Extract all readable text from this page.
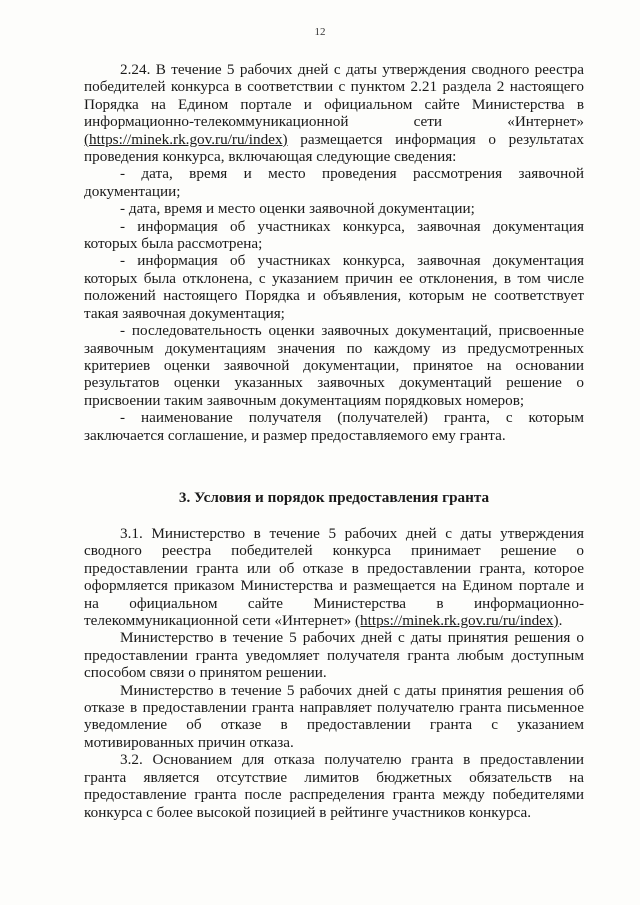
12

2.24. В течение 5 рабочих дней с даты утверждения сводного реестра победителей конкурса в соответствии с пунктом 2.21 раздела 2 настоящего Порядка на Едином портале и официальном сайте Министерства в информационно-телекоммуникационной сети «Интернет» (https://minek.rk.gov.ru/ru/index) размещается информация о результатах проведения конкурса, включающая следующие сведения:

- дата, время и место проведения рассмотрения заявочной документации;

- дата, время и место оценки заявочной документации;

- информация об участниках конкурса, заявочная документация которых была рассмотрена;

- информация об участниках конкурса, заявочная документация которых была отклонена, с указанием причин ее отклонения, в том числе положений настоящего Порядка и объявления, которым не соответствует такая заявочная документация;

- последовательность оценки заявочных документаций, присвоенные заявочным документациям значения по каждому из предусмотренных критериев оценки заявочной документации, принятое на основании результатов оценки указанных заявочных документаций решение о присвоении таким заявочным документациям порядковых номеров;

- наименование получателя (получателей) гранта, с которым заключается соглашение, и размер предоставляемого ему гранта.

3. Условия и порядок предоставления гранта

3.1. Министерство в течение 5 рабочих дней с даты утверждения сводного реестра победителей конкурса принимает решение о предоставлении гранта или об отказе в предоставлении гранта, которое оформляется приказом Министерства и размещается на Едином портале и на официальном сайте Министерства в информационно-телекоммуникационной сети «Интернет» (https://minek.rk.gov.ru/ru/index).

Министерство в течение 5 рабочих дней с даты принятия решения о предоставлении гранта уведомляет получателя гранта любым доступным способом связи о принятом решении.

Министерство в течение 5 рабочих дней с даты принятия решения об отказе в предоставлении гранта направляет получателю гранта письменное уведомление об отказе в предоставлении гранта с указанием мотивированных причин отказа.

3.2. Основанием для отказа получателю гранта в предоставлении гранта является отсутствие лимитов бюджетных обязательств на предоставление гранта после распределения гранта между победителями конкурса с более высокой позицией в рейтинге участников конкурса.
